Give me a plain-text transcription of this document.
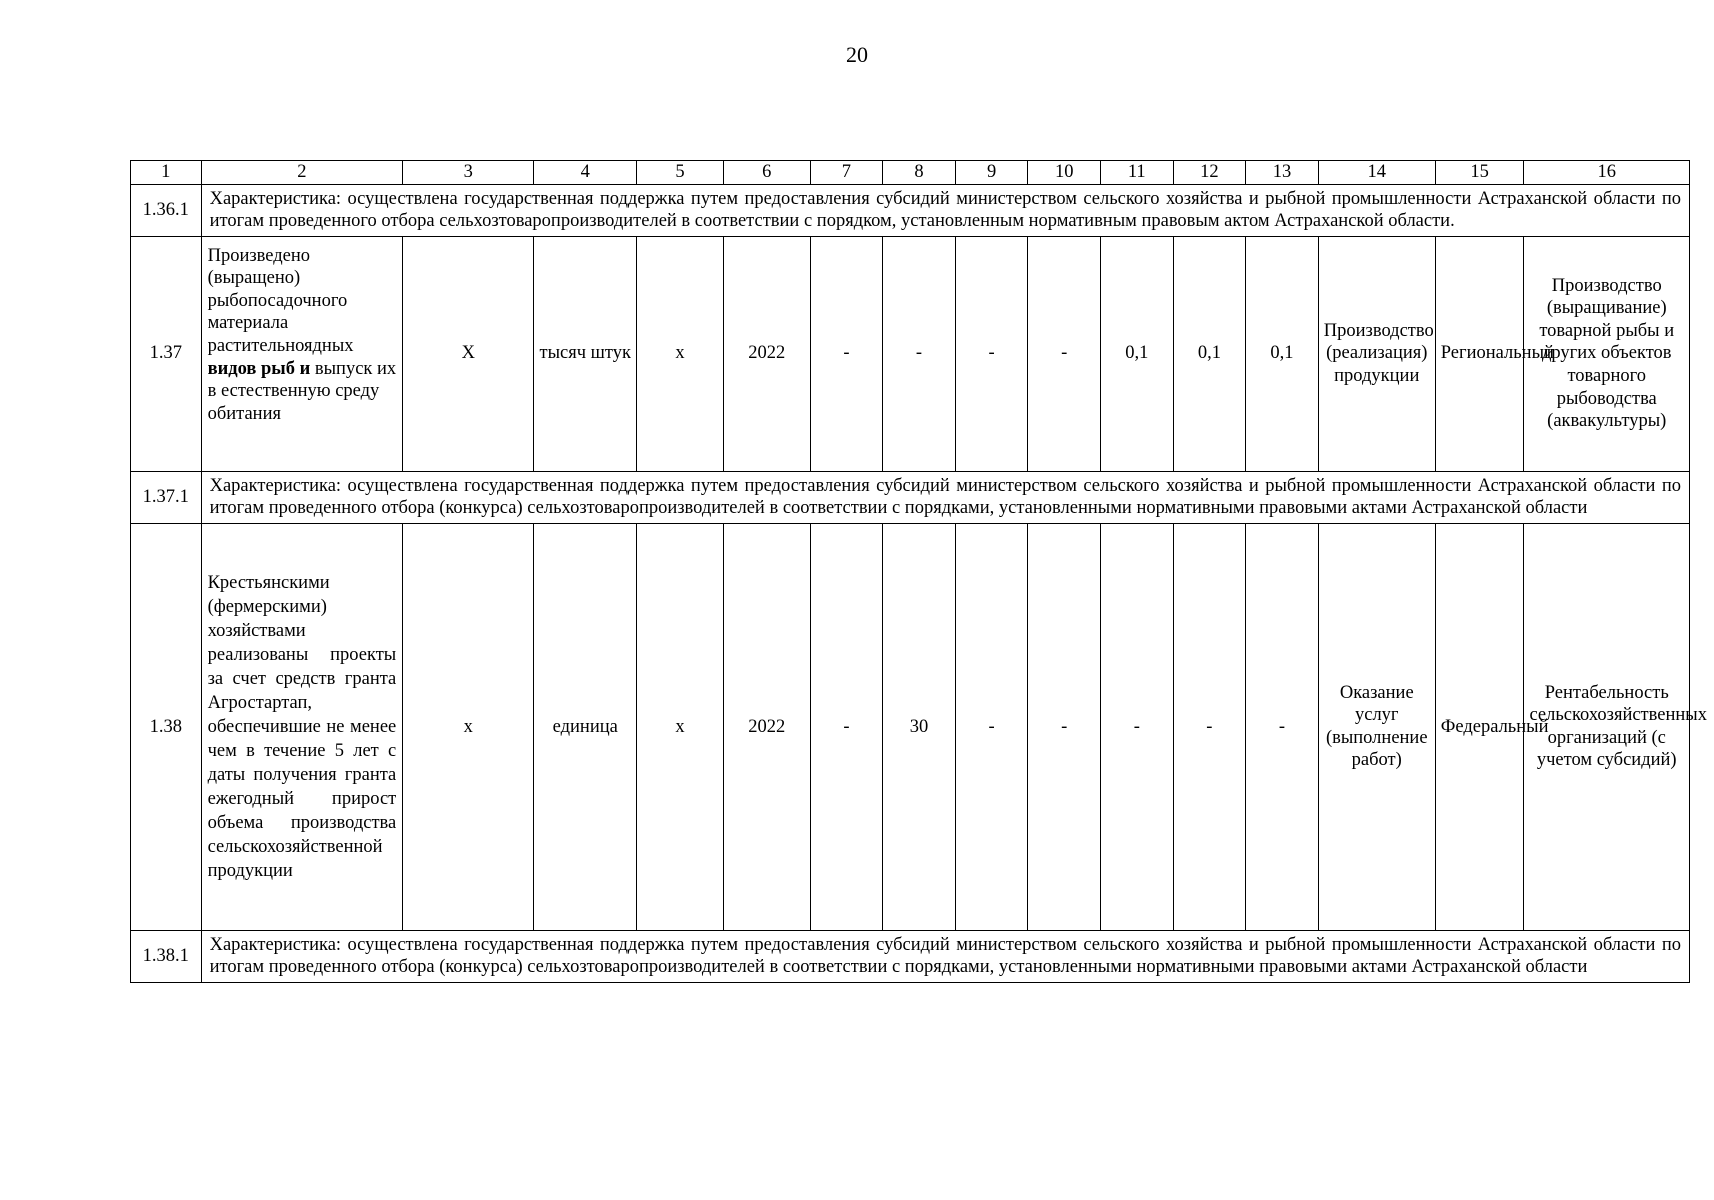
20
1	2	3	4	5	6	7	8	9	10	11	12	13	14	15	16
1.36.1	Характеристика: осуществлена государственная поддержка путем предоставления субсидий министерством сельского хозяйства и рыбной промышленности Астраханской области по итогам проведенного отбора сельхозтоваропроизводителей в соответствии с порядком, установленным нормативным правовым актом Астраханской области.														
1.37	Произведено (выращено) рыбопосадочного материала растительноядных видов рыб и выпуск их в естественную среду обитания	Х	тысяч штук	х	2022	-	-	-	-	0,1	0,1	0,1	Производство (реализация) продукции	Региональный	Производство (выращивание) товарной рыбы и других объектов товарного рыбоводства (аквакультуры)
1.37.1	Характеристика: осуществлена государственная поддержка путем предоставления субсидий министерством сельского хозяйства и рыбной промышленности Астраханской области по итогам проведенного отбора (конкурса) сельхозтоваропроизводителей в соответствии с порядками, установленными нормативными правовыми актами Астраханской области														
1.38	Крестьянскими (фермерскими) хозяйствами реализованы проекты за счет средств гранта Агростартап, обеспечившие не менее чем в течение 5 лет с даты получения гранта ежегодный прирост объема производства сельскохозяйственной продукции	х	единица	х	2022	-	30	-	-	-	-	-	Оказание услуг (выполнение работ)	Федеральный	Рентабельность сельскохозяйственных организаций (с учетом субсидий)
1.38.1	Характеристика: осуществлена государственная поддержка путем предоставления субсидий министерством сельского хозяйства и рыбной промышленности Астраханской области по итогам проведенного отбора (конкурса) сельхозтоваропроизводителей в соответствии с порядками, установленными нормативными правовыми актами Астраханской области														
